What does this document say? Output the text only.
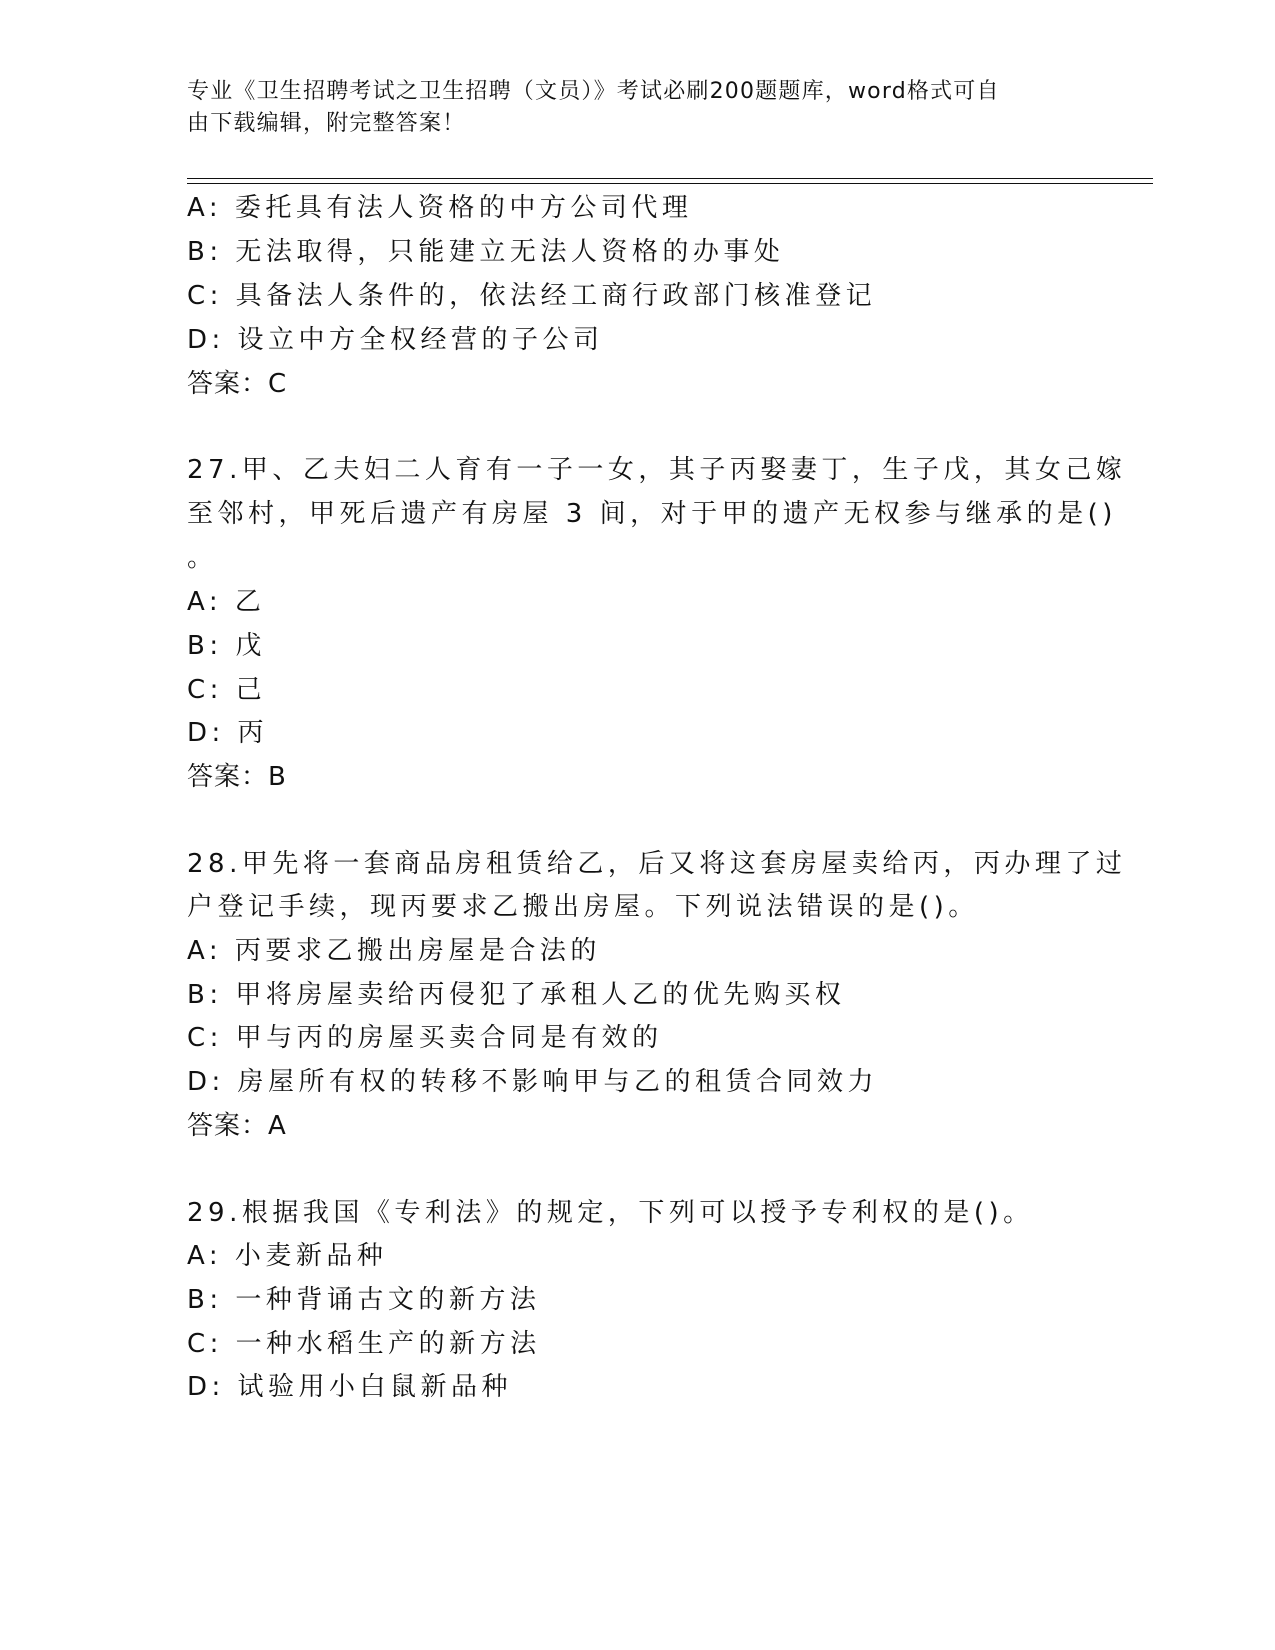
专业《卫生招聘考试之卫生招聘（文员）》考试必刷200题题库，word格式可自
由下载编辑，附完整答案！
A: 委托具有法人资格的中方公司代理
B: 无法取得，只能建立无法人资格的办事处
C: 具备法人条件的，依法经工商行政部门核准登记
D: 设立中方全权经营的子公司
答案：C
27.甲、乙夫妇二人育有一子一女，其子丙娶妻丁，生子戊，其女己嫁
至邻村，甲死后遗产有房屋 3 间，对于甲的遗产无权参与继承的是()
。
A: 乙
B: 戊
C: 己
D: 丙
答案：B
28.甲先将一套商品房租赁给乙，后又将这套房屋卖给丙，丙办理了过
户登记手续，现丙要求乙搬出房屋。下列说法错误的是()。
A: 丙要求乙搬出房屋是合法的
B: 甲将房屋卖给丙侵犯了承租人乙的优先购买权
C: 甲与丙的房屋买卖合同是有效的
D: 房屋所有权的转移不影响甲与乙的租赁合同效力
答案：A
29.根据我国《专利法》的规定，下列可以授予专利权的是()。
A: 小麦新品种
B: 一种背诵古文的新方法
C: 一种水稻生产的新方法
D: 试验用小白鼠新品种
